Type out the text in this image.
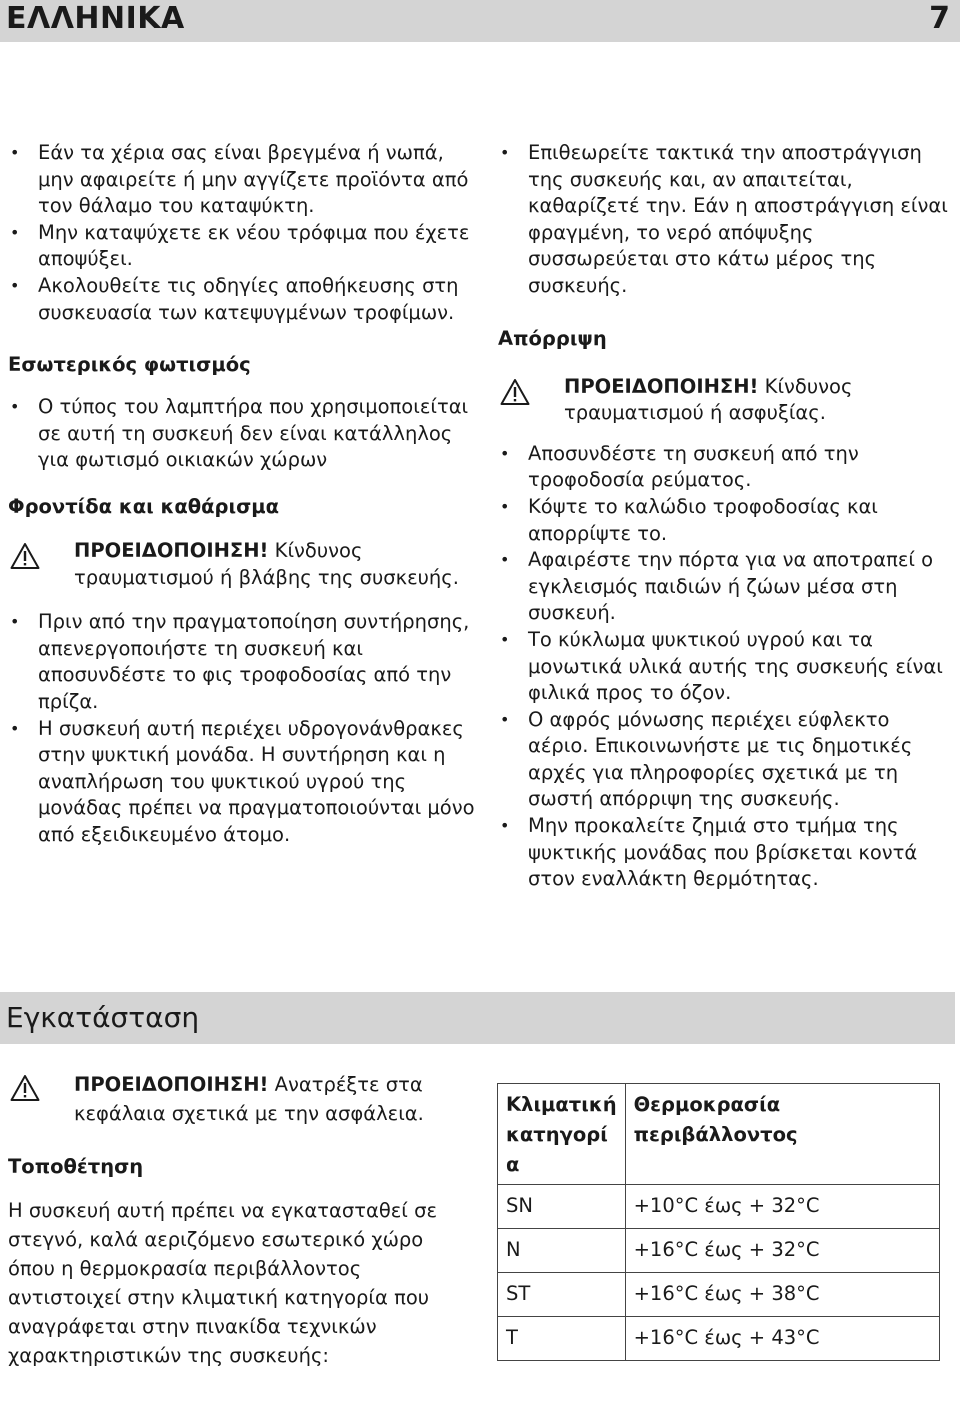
ΕΛΛΗΝΙΚΑ	7
• Εάν τα χέρια σας είναι βρεγμένα ή νωπά, μην αφαιρείτε ή μην αγγίζετε προϊόντα από τον θάλαμο του καταψύκτη.
• Μην καταψύχετε εκ νέου τρόφιμα που έχετε αποψύξει.
• Ακολουθείτε τις οδηγίες αποθήκευσης στη συσκευασία των κατεψυγμένων τροφίμων.
Εσωτερικός φωτισμός
• Ο τύπος του λαμπτήρα που χρησιμοποιείται σε αυτή τη συσκευή δεν είναι κατάλληλος για φωτισμό οικιακών χώρων
Φροντίδα και καθάρισμα
ΠΡΟΕΙΔΟΠΟΙΗΣΗ! Κίνδυνος τραυματισμού ή βλάβης της συσκευής.
• Πριν από την πραγματοποίηση συντήρησης, απενεργοποιήστε τη συσκευή και αποσυνδέστε το φις τροφοδοσίας από την πρίζα.
• Η συσκευή αυτή περιέχει υδρογονάνθρακες στην ψυκτική μονάδα. Η συντήρηση και η αναπλήρωση του ψυκτικού υγρού της μονάδας πρέπει να πραγματοποιούνται μόνο από εξειδικευμένο άτομο.
• Επιθεωρείτε τακτικά την αποστράγγιση της συσκευής και, αν απαιτείται, καθαρίζετέ την. Εάν η αποστράγγιση είναι φραγμένη, το νερό απόψυξης συσσωρεύεται στο κάτω μέρος της συσκευής.
Απόρριψη
ΠΡΟΕΙΔΟΠΟΙΗΣΗ! Κίνδυνος τραυματισμού ή ασφυξίας.
• Αποσυνδέστε τη συσκευή από την τροφοδοσία ρεύματος.
• Κόψτε το καλώδιο τροφοδοσίας και απορρίψτε το.
• Αφαιρέστε την πόρτα για να αποτραπεί ο εγκλεισμός παιδιών ή ζώων μέσα στη συσκευή.
• Το κύκλωμα ψυκτικού υγρού και τα μονωτικά υλικά αυτής της συσκευής είναι φιλικά προς το όζον.
• Ο αφρός μόνωσης περιέχει εύφλεκτο αέριο. Επικοινωνήστε με τις δημοτικές αρχές για πληροφορίες σχετικά με τη σωστή απόρριψη της συσκευής.
• Μην προκαλείτε ζημιά στο τμήμα της ψυκτικής μονάδας που βρίσκεται κοντά στον εναλλάκτη θερμότητας.
Εγκατάσταση
ΠΡΟΕΙΔΟΠΟΙΗΣΗ! Ανατρέξτε στα κεφάλαια σχετικά με την ασφάλεια.
Τοποθέτηση
Η συσκευή αυτή πρέπει να εγκατασταθεί σε στεγνό, καλά αεριζόμενο εσωτερικό χώρο όπου η θερμοκρασία περιβάλλοντος αντιστοιχεί στην κλιματική κατηγορία που αναγράφεται στην πινακίδα τεχνικών χαρακτηριστικών της συσκευής:
Κλιματική κατηγορί α	Θερμοκρασία περιβάλλοντος
SN	+10°C έως + 32°C
N	+16°C έως + 32°C
ST	+16°C έως + 38°C
T	+16°C έως + 43°C
